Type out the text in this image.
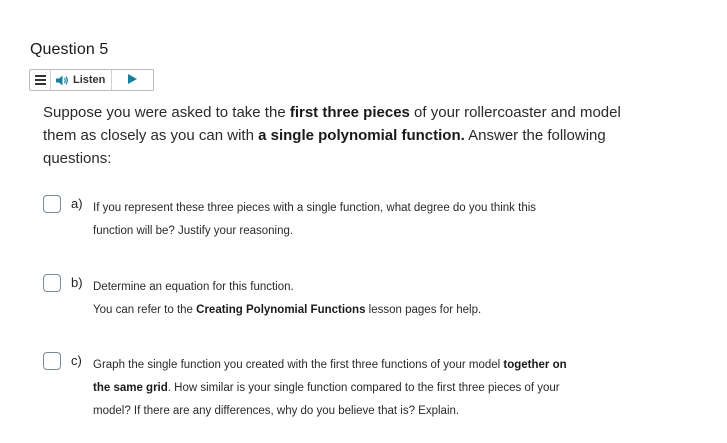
Question 5
Listen
Suppose you were asked to take the first three pieces of your rollercoaster and model them as closely as you can with a single polynomial function. Answer the following questions:
a) If you represent these three pieces with a single function, what degree do you think this
function will be? Justify your reasoning.
b) Determine an equation for this function.
You can refer to the Creating Polynomial Functions lesson pages for help.
c) Graph the single function you created with the first three functions of your model together on
the same grid. How similar is your single function compared to the first three pieces of your
model? If there are any differences, why do you believe that is? Explain.
